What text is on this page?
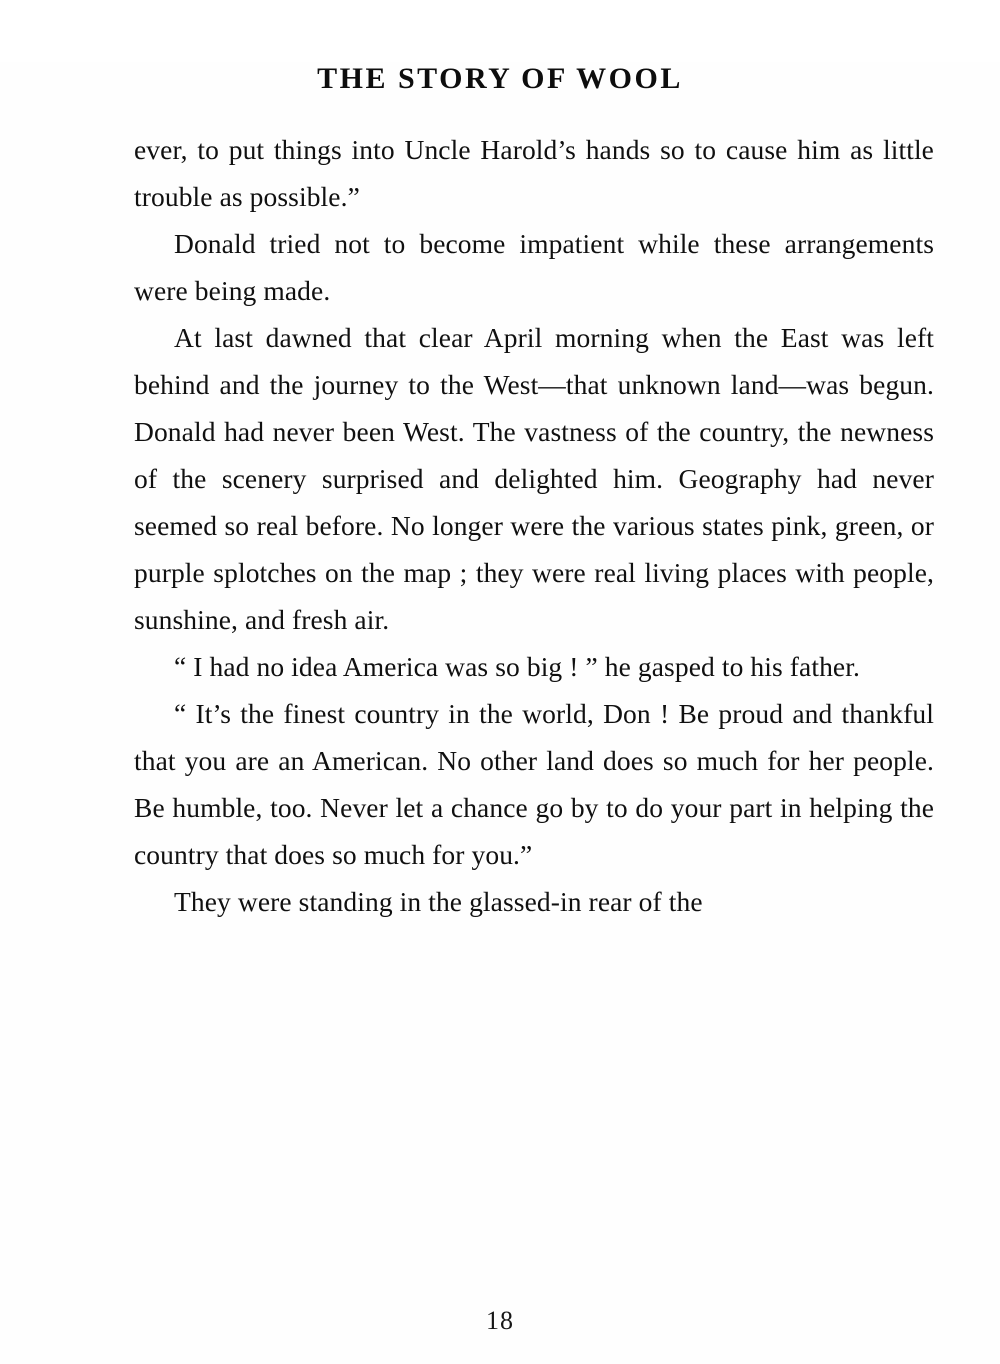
THE STORY OF WOOL

ever, to put things into Uncle Harold’s hands so to cause him as little trouble as possible.”

Donald tried not to become impatient while these arrangements were being made.

At last dawned that clear April morning when the East was left behind and the journey to the West—that unknown land—was begun. Donald had never been West. The vastness of the country, the newness of the scenery surprised and delighted him. Geography had never seemed so real before. No longer were the various states pink, green, or purple splotches on the map ; they were real living places with people, sunshine, and fresh air.

“ I had no idea America was so big ! ” he gasped to his father.

“ It’s the finest country in the world, Don ! Be proud and thankful that you are an American. No other land does so much for her people. Be humble, too. Never let a chance go by to do your part in helping the country that does so much for you.”

They were standing in the glassed-in rear of the

18
